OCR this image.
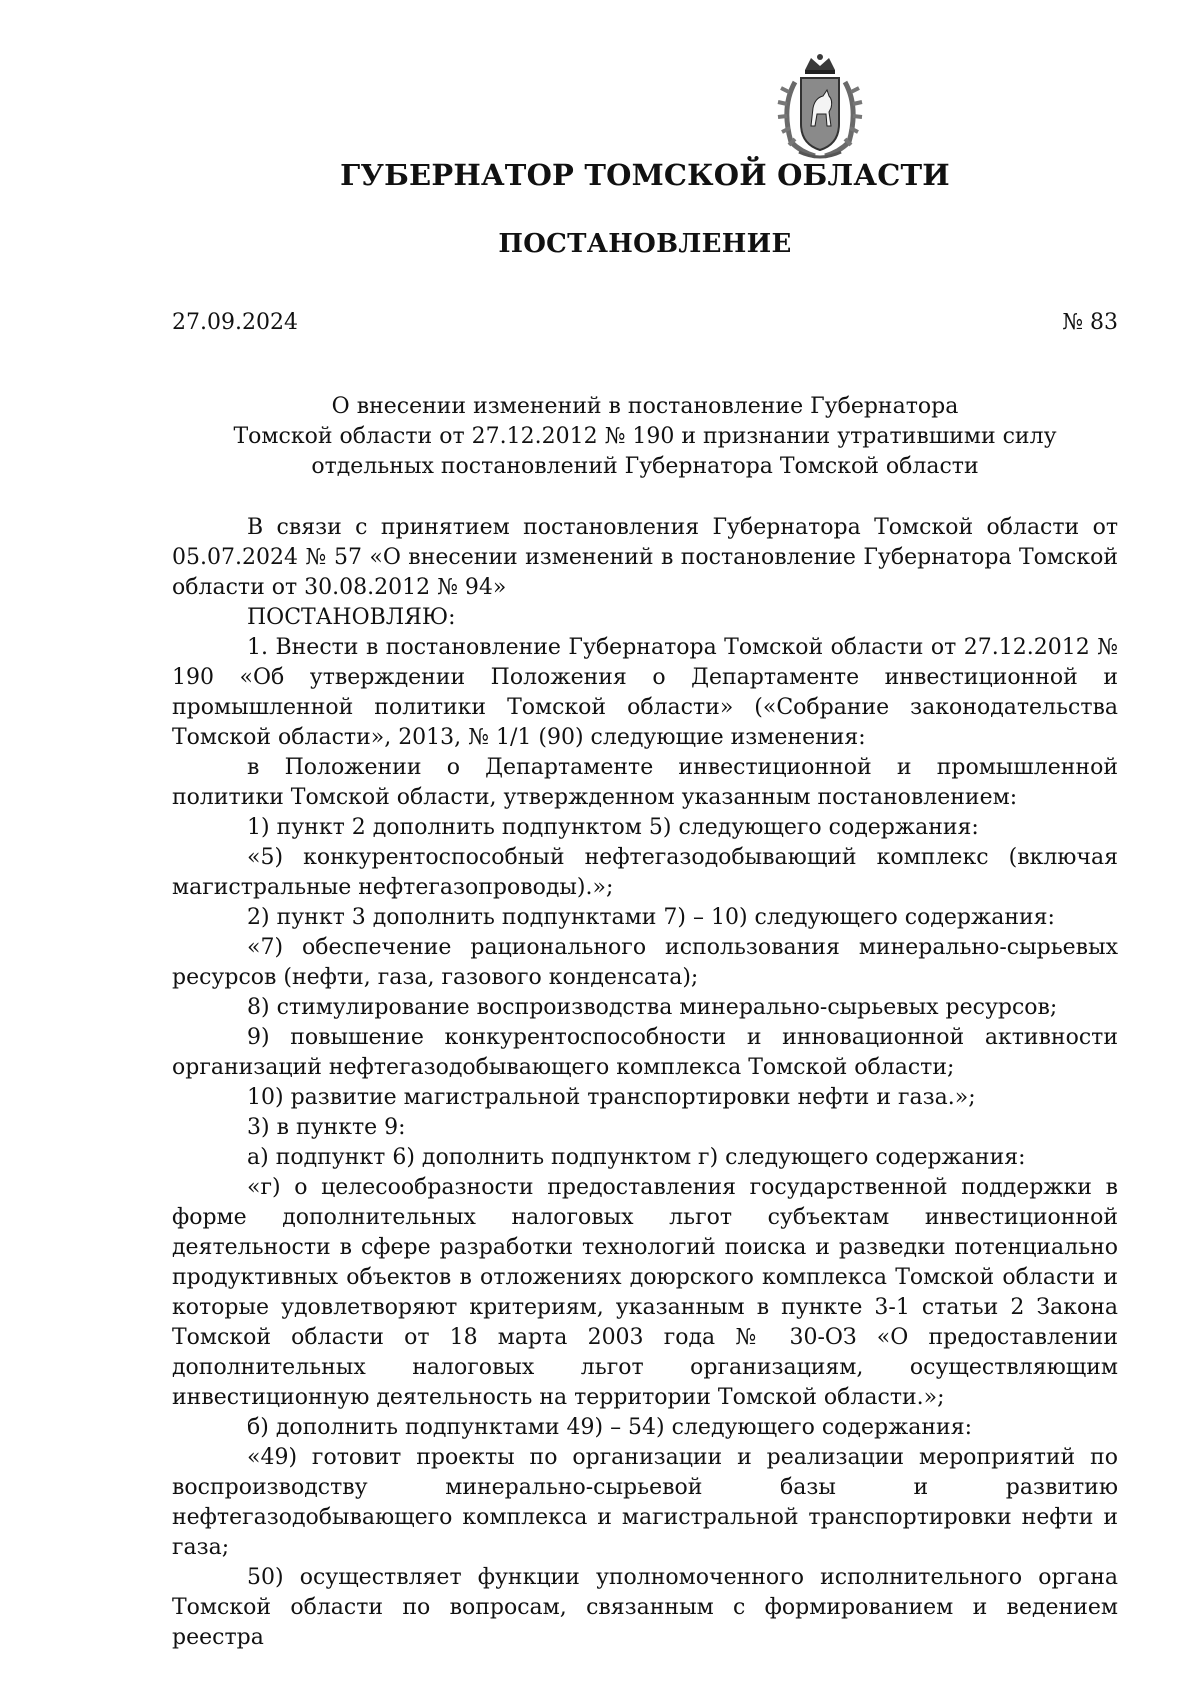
ГУБЕРНАТОР ТОМСКОЙ ОБЛАСТИ
ПОСТАНОВЛЕНИЕ
27.09.2024	№ 83
О внесении изменений в постановление Губернатора
Томской области от 27.12.2012 № 190 и признании утратившими силу
отдельных постановлений Губернатора Томской области

В связи с принятием постановления Губернатора Томской области от 05.07.2024 № 57 «О внесении изменений в постановление Губернатора Томской области от 30.08.2012 № 94»

ПОСТАНОВЛЯЮ:

1. Внести в постановление Губернатора Томской области от 27.12.2012 № 190 «Об утверждении Положения о Департаменте инвестиционной и промышленной политики Томской области» («Собрание законодательства Томской области», 2013, № 1/1 (90) следующие изменения:

в Положении о Департаменте инвестиционной и промышленной политики Томской области, утвержденном указанным постановлением:

1) пункт 2 дополнить подпунктом 5) следующего содержания:

«5) конкурентоспособный нефтегазодобывающий комплекс (включая магистральные нефтегазопроводы).»;

2) пункт 3 дополнить подпунктами 7) – 10) следующего содержания:

«7) обеспечение рационального использования минерально-сырьевых ресурсов (нефти, газа, газового конденсата);

8) стимулирование воспроизводства минерально-сырьевых ресурсов;

9) повышение конкурентоспособности и инновационной активности организаций нефтегазодобывающего комплекса Томской области;

10) развитие магистральной транспортировки нефти и газа.»;

3) в пункте 9:

а) подпункт 6) дополнить подпунктом г) следующего содержания:

«г) о целесообразности предоставления государственной поддержки в форме дополнительных налоговых льгот субъектам инвестиционной деятельности в сфере разработки технологий поиска и разведки потенциально продуктивных объектов в отложениях доюрского комплекса Томской области и которые удовлетворяют критериям, указанным в пункте 3-1 статьи 2 Закона Томской области от 18 марта 2003 года № 30-ОЗ «О предоставлении дополнительных налоговых льгот организациям, осуществляющим инвестиционную деятельность на территории Томской области.»;

б) дополнить подпунктами 49) – 54) следующего содержания:

«49) готовит проекты по организации и реализации мероприятий по воспроизводству минерально-сырьевой базы и развитию нефтегазодобывающего комплекса и магистральной транспортировки нефти и газа;

50) осуществляет функции уполномоченного исполнительного органа Томской области по вопросам, связанным с формированием и ведением реестра
